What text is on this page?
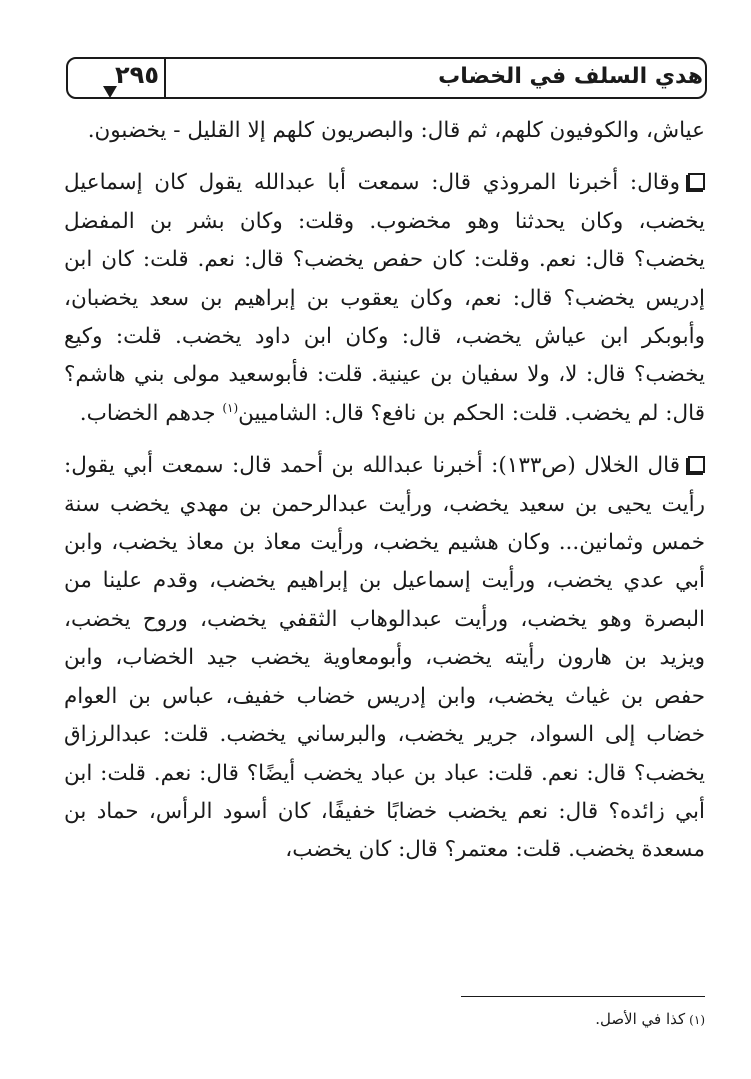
٢٩٥	هدي السلف في الخضاب

عياش، والكوفيون كلهم، ثم قال: والبصريون كلهم إلا القليل - يخضبون.

وقال: أخبرنا المروذي قال: سمعت أبا عبدالله يقول كان إسماعيل يخضب، وكان يحدثنا وهو مخضوب. وقلت: وكان بشر بن المفضل يخضب؟ قال: نعم. وقلت: كان حفص يخضب؟ قال: نعم. قلت: كان ابن إدريس يخضب؟ قال: نعم، وكان يعقوب بن إبراهيم بن سعد يخضبان، وأبوبكر ابن عياش يخضب، قال: وكان ابن داود يخضب. قلت: وكيع يخضب؟ قال: لا، ولا سفيان بن عينية. قلت: فأبوسعيد مولى بني هاشم؟ قال: لم يخضب. قلت: الحكم بن نافع؟ قال: الشاميين$^{(١)}$ جدهم الخضاب.

قال الخلال (ص١٣٣): أخبرنا عبدالله بن أحمد قال: سمعت أبي يقول: رأيت يحيى بن سعيد يخضب، ورأيت عبدالرحمن بن مهدي يخضب سنة خمس وثمانين... وكان هشيم يخضب، ورأيت معاذ بن معاذ يخضب، وابن أبي عدي يخضب، ورأيت إسماعيل بن إبراهيم يخضب، وقدم علينا من البصرة وهو يخضب، ورأيت عبدالوهاب الثقفي يخضب، وروح يخضب، ويزيد بن هارون رأيته يخضب، وأبومعاوية يخضب جيد الخضاب، وابن حفص بن غياث يخضب، وابن إدريس خضاب خفيف، عباس بن العوام خضاب إلى السواد، جرير يخضب، والبرساني يخضب. قلت: عبدالرزاق يخضب؟ قال: نعم. قلت: عباد بن عباد يخضب أيضًا؟ قال: نعم. قلت: ابن أبي زائده؟ قال: نعم يخضب خضابًا خفيفًا، كان أسود الرأس، حماد بن مسعدة يخضب. قلت: معتمر؟ قال: كان يخضب،

(١)كذا في الأصل.
